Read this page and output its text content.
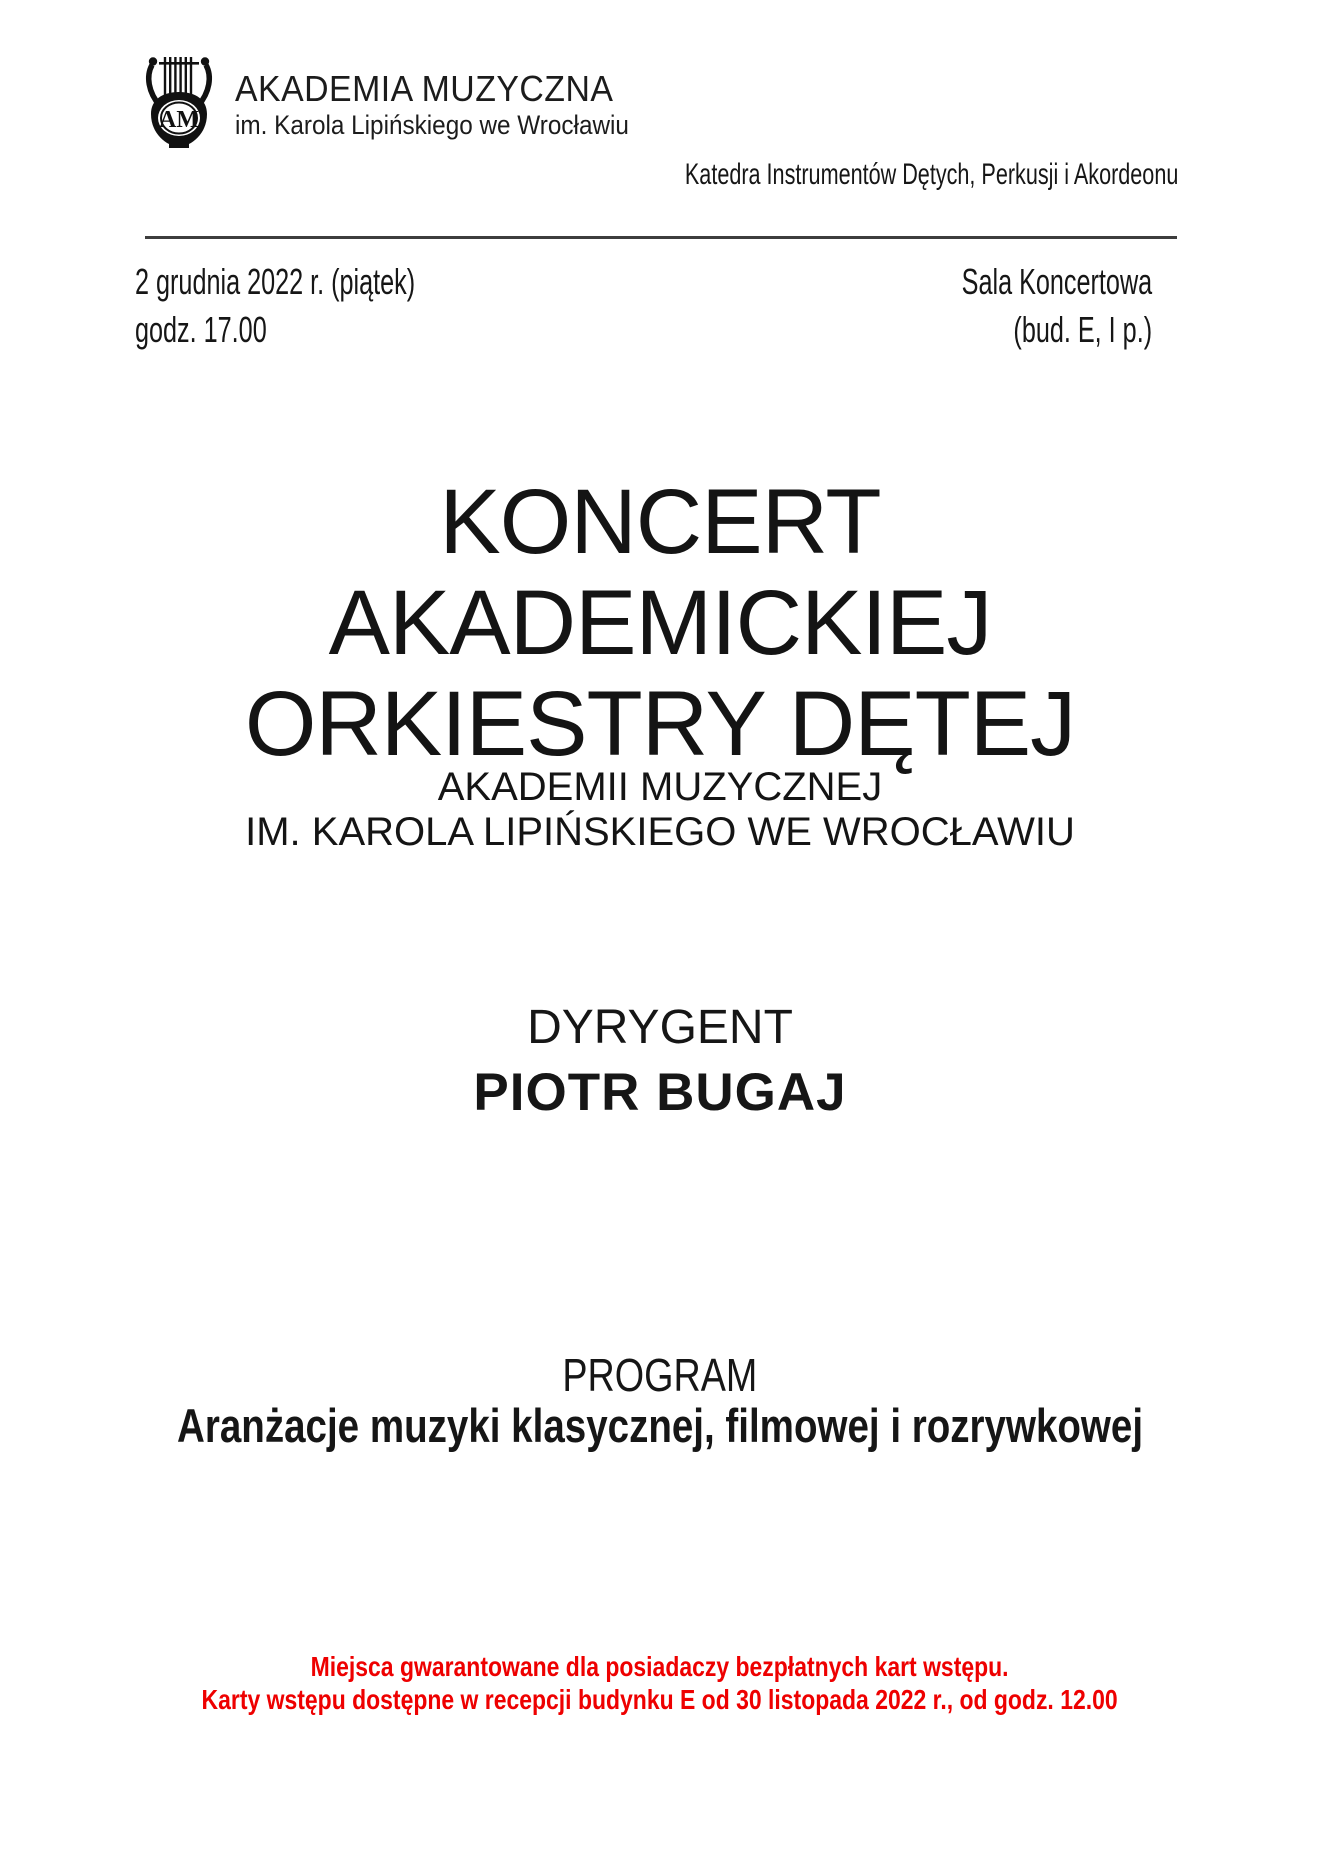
AM
AKADEMIA MUZYCZNA
im. Karola Lipińskiego we Wrocławiu
Katedra Instrumentów Dętych, Perkusji i Akordeonu
2 grudnia 2022 r. (piątek)
godz. 17.00
Sala Koncertowa
(bud. E, I p.)
KONCERT
AKADEMICKIEJ
ORKIESTRY DĘTEJ
AKADEMII MUZYCZNEJ
IM. KAROLA LIPIŃSKIEGO WE WROCŁAWIU
DYRYGENT
PIOTR BUGAJ
PROGRAM
Aranżacje muzyki klasycznej, filmowej i rozrywkowej
Miejsca gwarantowane dla posiadaczy bezpłatnych kart wstępu.
Karty wstępu dostępne w recepcji budynku E od 30 listopada 2022 r., od godz. 12.00
